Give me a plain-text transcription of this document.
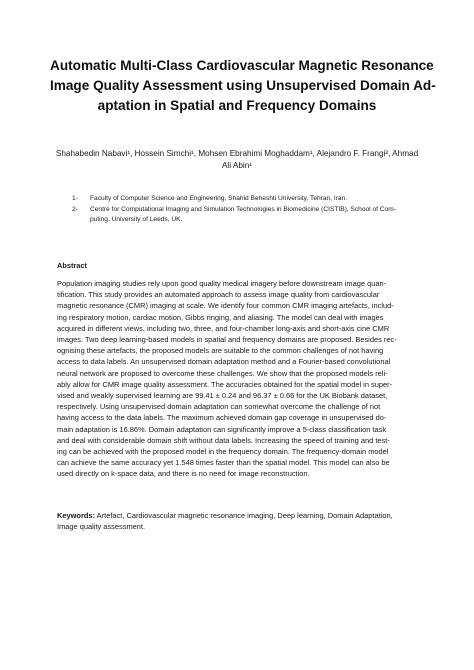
Automatic Multi-Class Cardiovascular Magnetic Resonance
Image Quality Assessment using Unsupervised Domain Ad-
aptation in Spatial and Frequency Domains
Shahabedin Nabavi¹, Hossein Simchi¹, Mohsen Ebrahimi Moghaddam¹, Alejandro F. Frangi², Ahmad
Ali Abin¹
1- Faculty of Computer Science and Engineering, Shahid Beheshti University, Tehran, Iran.
2- Centre for Computational Imaging and Simulation Technologies in Biomedicine (CISTIB), School of Com-
puting, University of Leeds, UK.
Abstract
Population imaging studies rely upon good quality medical imagery before downstream image quan-
tification. This study provides an automated approach to assess image quality from cardiovascular
magnetic resonance (CMR) imaging at scale. We identify four common CMR imaging artefacts, includ-
ing respiratory motion, cardiac motion, Gibbs ringing, and aliasing. The model can deal with images
acquired in different views, including two, three, and four-chamber long-axis and short-axis cine CMR
images. Two deep learning-based models in spatial and frequency domains are proposed. Besides rec-
ognising these artefacts, the proposed models are suitable to the common challenges of not having
access to data labels. An unsupervised domain adaptation method and a Fourier-based convolutional
neural network are proposed to overcome these challenges. We show that the proposed models reli-
ably allow for CMR image quality assessment. The accuracies obtained for the spatial model in super-
vised and weakly supervised learning are 99.41 ± 0.24 and 96.37 ± 0.66 for the UK Biobank dataset,
respectively. Using unsupervised domain adaptation can somewhat overcome the challenge of not
having access to the data labels. The maximum achieved domain gap coverage in unsupervised do-
main adaptation is 16.86%. Domain adaptation can significantly improve a 5-class classification task
and deal with considerable domain shift without data labels. Increasing the speed of training and test-
ing can be achieved with the proposed model in the frequency domain. The frequency-domain model
can achieve the same accuracy yet 1.548 times faster than the spatial model. This model can also be
used directly on k-space data, and there is no need for image reconstruction.
Keywords: Artefact, Cardiovascular magnetic resonance imaging, Deep learning, Domain Adaptation,
Image quality assessment.
